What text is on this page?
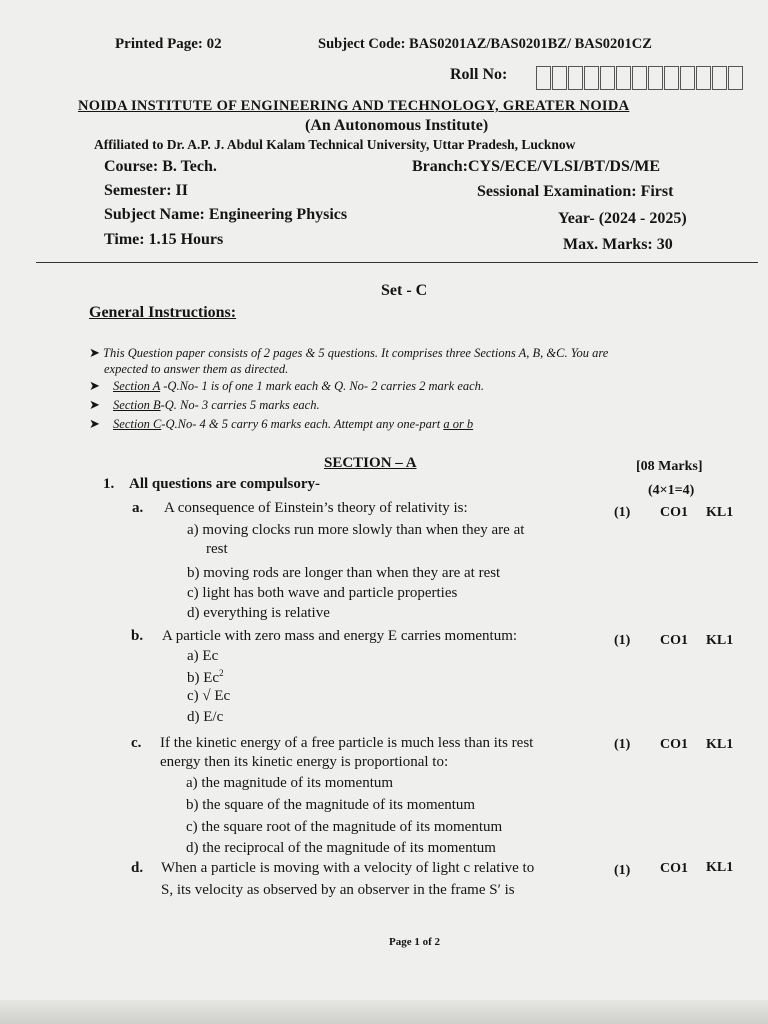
Printed Page: 02	Subject Code: BAS0201AZ/BAS0201BZ/ BAS0201CZ
Roll No:
NOIDA INSTITUTE OF ENGINEERING AND TECHNOLOGY, GREATER NOIDA
(An Autonomous Institute)
Affiliated to Dr. A.P. J. Abdul Kalam Technical University, Uttar Pradesh, Lucknow
Course: B. Tech.	Branch:CYS/ECE/VLSI/BT/DS/ME
Semester: II	Sessional Examination: First
Subject Name: Engineering Physics	Year- (2024 - 2025)
Time: 1.15 Hours	Max. Marks: 30
Set - C
General Instructions:
➤ This Question paper consists of 2 pages & 5 questions. It comprises three Sections A, B, &C. You are
expected to answer them as directed.
➤ Section A -Q.No- 1 is of one 1 mark each & Q. No- 2 carries 2 mark each.
➤ Section B-Q. No- 3 carries 5 marks each.
➤ Section C-Q.No- 4 & 5 carry 6 marks each. Attempt any one-part a or b
SECTION – A	[08 Marks]
1. All questions are compulsory-	(4×1=4)
a. A consequence of Einstein’s theory of relativity is:	(1) CO1 KL1
a) moving clocks run more slowly than when they are at
rest
b) moving rods are longer than when they are at rest
c) light has both wave and particle properties
d) everything is relative
b. A particle with zero mass and energy E carries momentum:	(1) CO1 KL1
a) Ec
b) Ec$^2$
c) √ Ec
d) E/c
c. If the kinetic energy of a free particle is much less than its rest
energy then its kinetic energy is proportional to:
(1) CO1 KL1
a) the magnitude of its momentum
b) the square of the magnitude of its momentum
c) the square root of the magnitude of its momentum
d) the reciprocal of the magnitude of its momentum
d. When a particle is moving with a velocity of light c relative to
S, its velocity as observed by an observer in the frame S′ is
(1) CO1 KL1
Page 1 of 2
